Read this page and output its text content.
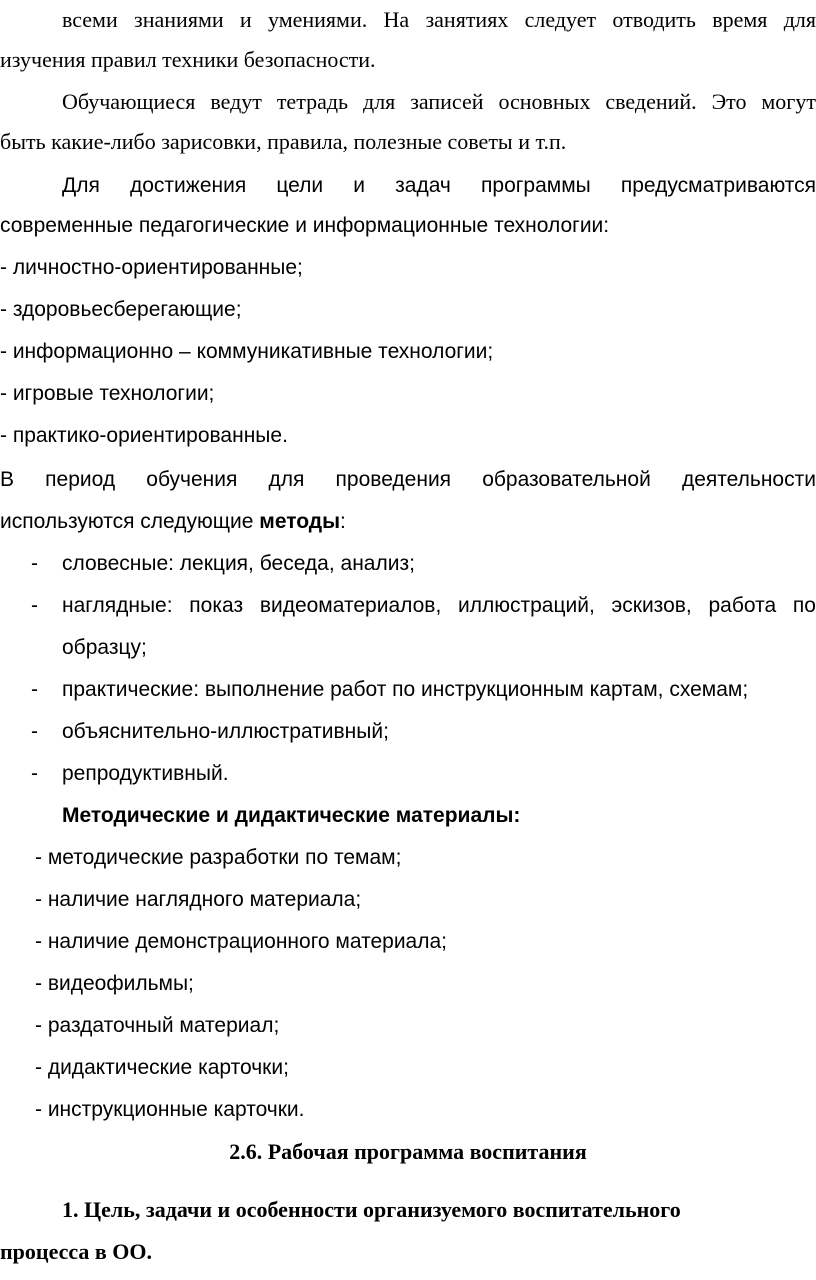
всеми знаниями и умениями. На занятиях следует отводить время для
изучения правил техники безопасности.
Обучающиеся ведут тетрадь для записей основных сведений. Это могут
быть какие-либо зарисовки, правила, полезные советы и т.п.
Для достижения цели и задач программы предусматриваются
современные педагогические и информационные технологии:
- личностно-ориентированные;
- здоровьесберегающие;
- информационно – коммуникативные технологии;
- игровые технологии;
- практико-ориентированные.
В период обучения для проведения образовательной деятельности
используются следующие методы:
- словесные: лекция, беседа, анализ;
- наглядные: показ видеоматериалов, иллюстраций, эскизов, работа по
образцу;
- практические: выполнение работ по инструкционным картам, схемам;
- объяснительно-иллюстративный;
- репродуктивный.
Методические и дидактические материалы:
- методические разработки по темам;
- наличие наглядного материала;
- наличие демонстрационного материала;
- видеофильмы;
- раздаточный материал;
- дидактические карточки;
- инструкционные карточки.
2.6. Рабочая программа воспитания
1. Цель, задачи и особенности организуемого воспитательного
процесса в ОО.
